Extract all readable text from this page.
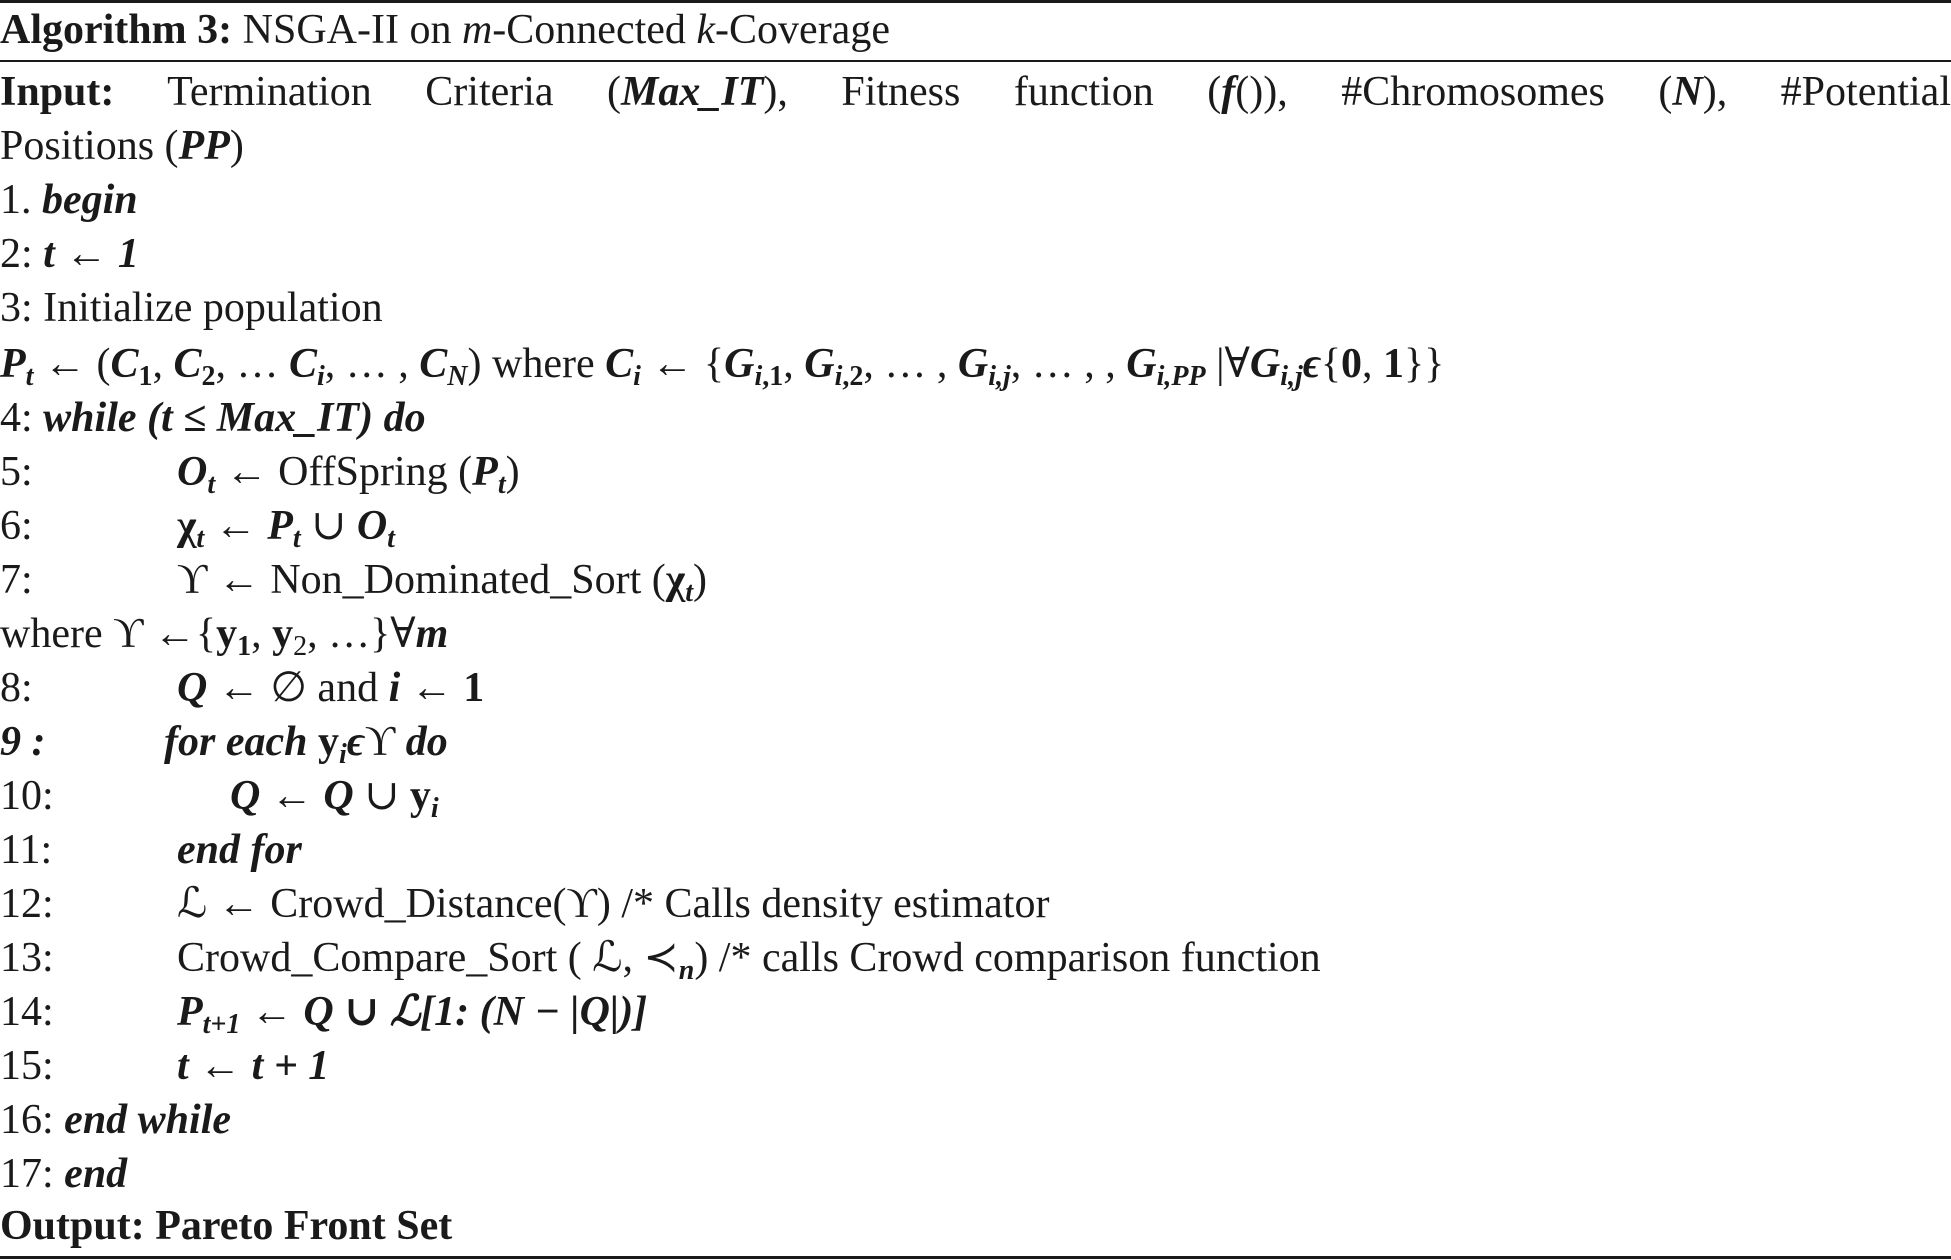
Algorithm 3: NSGA-II on m-Connected k-Coverage
Input: Termination Criteria (Max_IT), Fitness function (f()), #Chromosomes (N), #Potential
Positions (PP)
1. begin
2: t ← 1
3: Initialize population
$P_t$ ← ($C_1$, $C_2$, … $C_i$, … , $C_N$) where $C_i$ ← {$G_{i,1}$, $G_{i,2}$, … , $G_{i,j}$, … , , $G_{i,PP}$ $|\forall G_{i,j}\epsilon\{0$, 1}}
4: while (t ≤ Max_IT) do
5:	$O_t$ ← OffSpring $(P_t)$
6:	$\chi_t$ ← $P_t$ ∪ $O_t$
7:	ϒ ← Non_Dominated_Sort $(\chi_t)$
where ϒ $\leftarrow\{y_1$, $y_2$, …}∀m
8:	Q ← ∅ and i ← 1
9 :	for each $y_i\epsilon ϒ$ do
10:	Q ← Q ∪ $y_i$
11:	end for
12:	ℒ ← Crowd_Distance(ϒ) /* Calls density estimator
13:	Crowd_Compare_Sort ( ℒ, $≺_n$) /* calls Crowd comparison function
14:	$P_{t+1}$ ← Q ∪ ℒ[1: (N − |Q|)]
15:	t ← t + 1
16: end while
17: end
Output: Pareto Front Set
